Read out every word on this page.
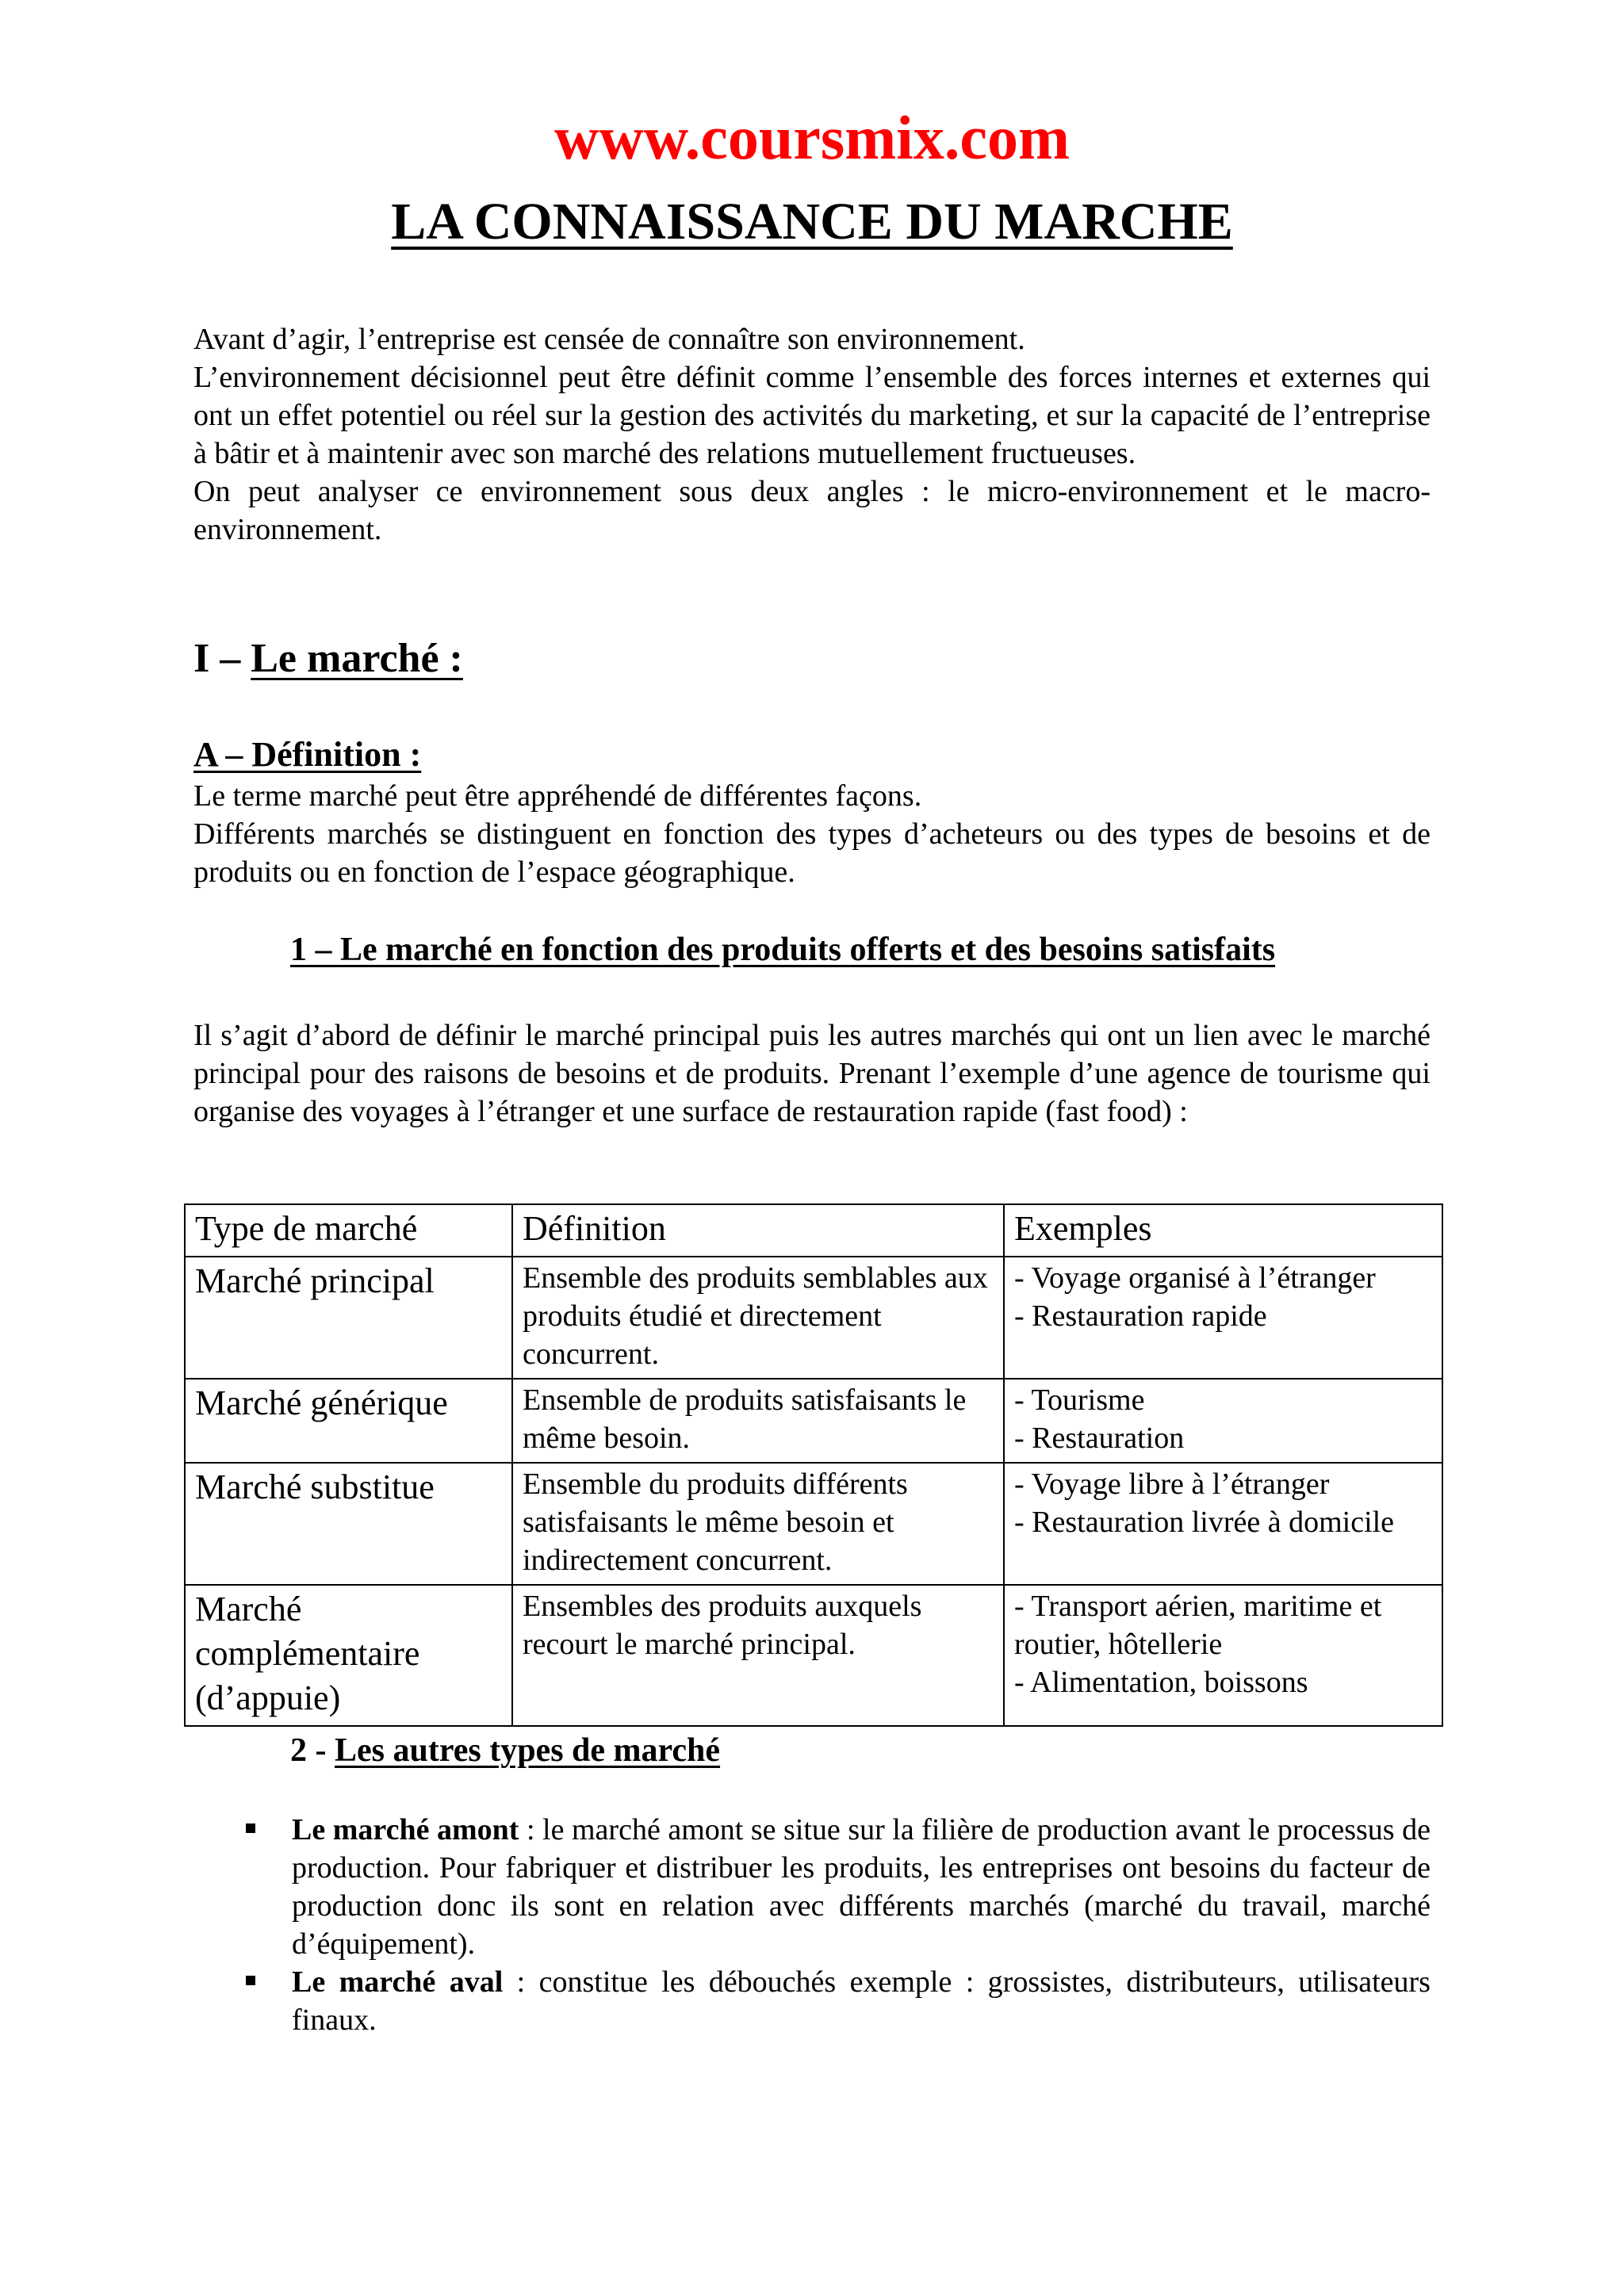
www.coursmix.com
LA CONNAISSANCE DU MARCHE

Avant d’agir, l’entreprise est censée de connaître son environnement.

L’environnement décisionnel peut être définit comme l’ensemble des forces internes et externes qui ont un effet potentiel ou réel sur la gestion des activités du marketing, et sur la capacité de l’entreprise à bâtir et à maintenir avec son marché des relations mutuellement fructueuses.

On peut analyser ce environnement sous deux angles : le micro-environnement et le macro-environnement.

I – Le marché :
A – Définition :

Le terme marché peut être appréhendé de différentes façons.

Différents marchés se distinguent en fonction des types d’acheteurs ou des types de besoins et de produits ou en fonction de l’espace géographique.

1 – Le marché en fonction des produits offerts et des besoins satisfaits

Il s’agit d’abord de définir le marché principal puis les autres marchés qui ont un lien avec le marché principal pour des raisons de besoins et de produits. Prenant l’exemple d’une agence de tourisme qui organise des voyages à l’étranger et une surface de restauration rapide (fast food) :

Type de marché	Définition	Exemples
Marché principal	Ensemble des produits semblables aux produits étudié et directement concurrent.	- Voyage organisé à l’étranger
- Restauration rapide

Marché générique	Ensemble de produits satisfaisants le même besoin.	- Tourisme
- Restauration

Marché substitue	Ensemble du produits différents satisfaisants le même besoin et indirectement concurrent.	- Voyage libre à l’étranger
- Restauration livrée à domicile

Marché complémentaire (d’appuie)	Ensembles des produits auxquels recourt le marché principal.	- Transport aérien, maritime et routier, hôtellerie
- Alimentation, boissons
2 - Les autres types de marché
Le marché amont : le marché amont se situe sur la filière de production avant le processus de production. Pour fabriquer et distribuer les produits, les entreprises ont besoins du facteur de production donc ils sont en relation avec différents marchés (marché du travail, marché d’équipement).
Le marché aval : constitue les débouchés exemple : grossistes, distributeurs, utilisateurs finaux.
